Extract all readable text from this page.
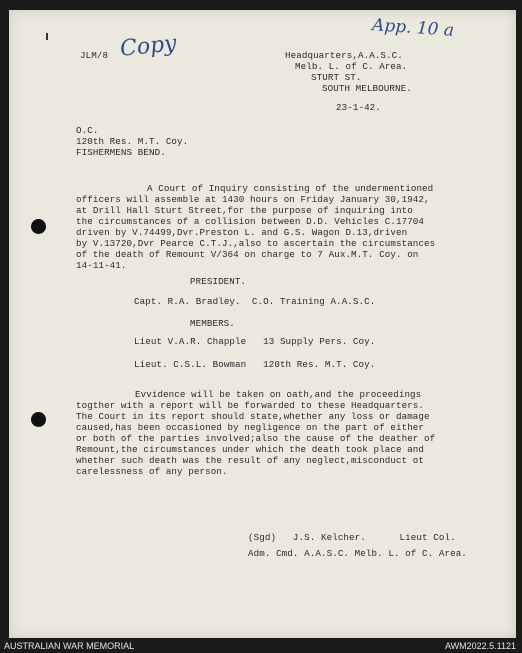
Copy
App. 10 a
JLM/8	Headquarters,A.A.S.C.
Melb. L. of C. Area.
STURT ST.
SOUTH MELBOURNE.
23-1-42.
O.C.
120th Res. M.T. Coy.
FISHERMENS BEND.
A Court of Inquiry consisting of the undermentioned
officers will assemble at 1430 hours on Friday January 30,1942,
at Drill Hall Sturt Street,for the purpose of inquiring into
the circumstances of a collision between D.D. Vehicles C.17704
driven by V.74499,Dvr.Preston L. and G.S. Wagon D.13,driven
by V.13720,Dvr Pearce C.T.J.,also to ascertain the circumstances
of the death of Remount V/364 on charge to 7 Aux.M.T. Coy. on
14-11-41.
PRESIDENT.
Capt. R.A. Bradley.  C.O. Training A.A.S.C.
MEMBERS.
Lieut V.A.R. Chapple   13 Supply Pers. Coy.
Lieut. C.S.L. Bowman   120th Res. M.T. Coy.
Evvidence will be taken on oath,and the proceedings
togther with a report will be forwarded to these Headquarters.
The Court in its report should state,whether any loss or damage
caused,has been occasioned by negligence on the part of either
or both of the parties involved;also the cause of the deather of
Remount,the circumstances under which the death took place and
whether such death was the result of any neglect,misconduct ot
carelessness of any person.
(Sgd)   J.S. Kelcher.      Lieut Col.
Adm. Cmd. A.A.S.C. Melb. L. of C. Area.
AUSTRALIAN WAR MEMORIAL	AWM2022.5.1121
